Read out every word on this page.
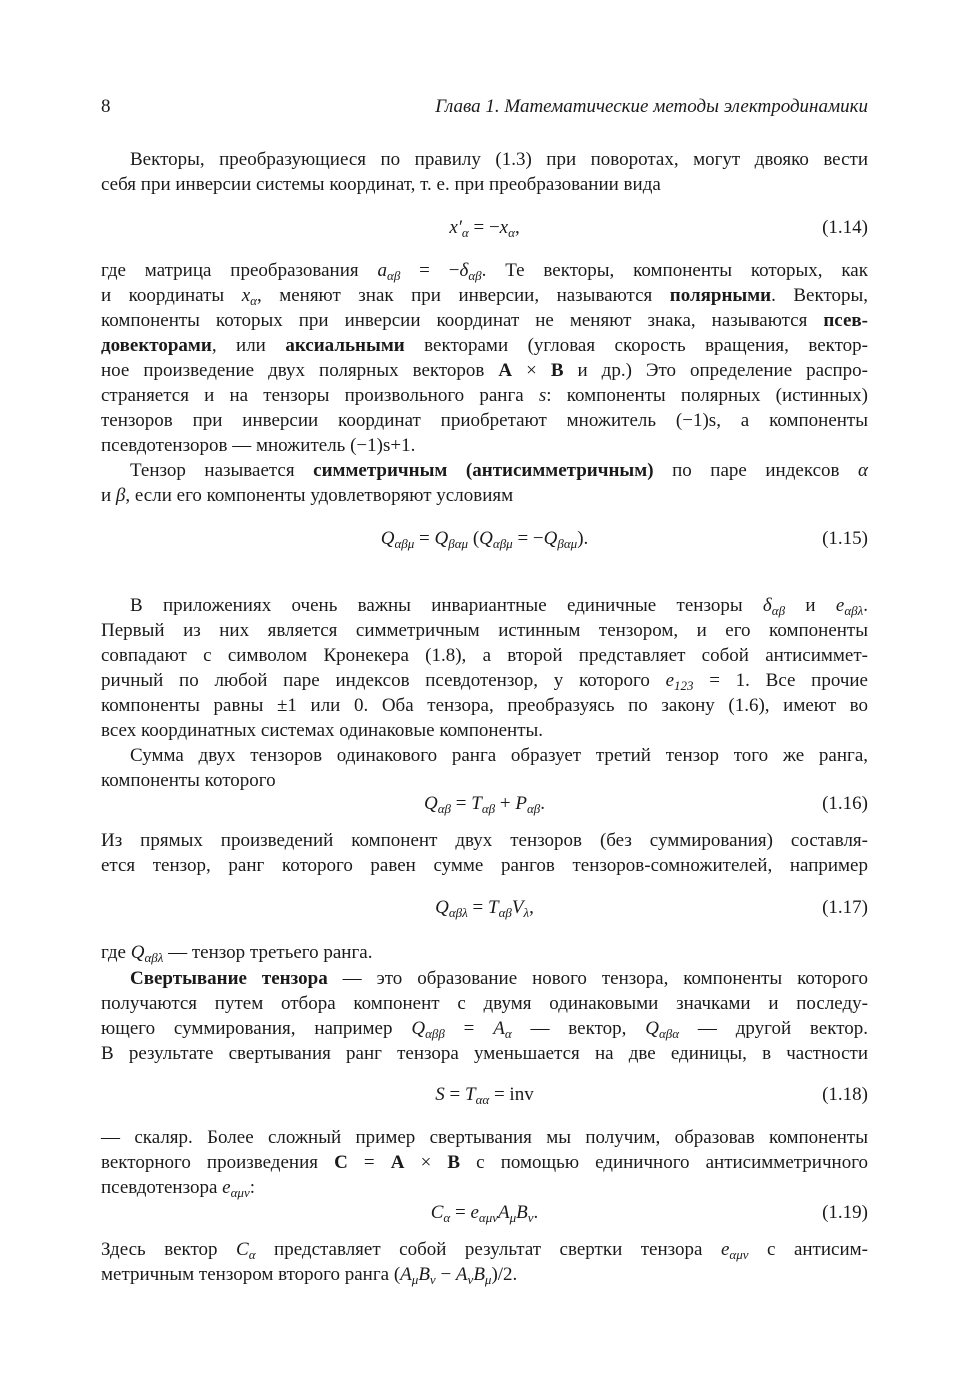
8	Глава 1. Математические методы электродинамики
Векторы, преобразующиеся по правилу (1.3) при поворотах, могут двояко вести
себя при инверсии системы координат, т. е. при преобразовании вида
$x'_\alpha = -x_\alpha$,	(1.14)
где матрица преобразования $a_{\alpha\beta} = -\delta_{\alpha\beta}$. Те векторы, компоненты которых, как
и координаты $x_\alpha$, меняют знак при инверсии, называются полярными. Векторы,
компоненты которых при инверсии координат не меняют знака, называются псев-
довекторами, или аксиальными векторами (угловая скорость вращения, вектор-
ное произведение двух полярных векторов A × B и др.) Это определение распро-
страняется и на тензоры произвольного ранга s: компоненты полярных (истинных)
тензоров при инверсии координат приобретают множитель (−1)s, а компоненты
псевдотензоров — множитель (−1)s+1.
Тензор называется симметричным (антисимметричным) по паре индексов α
и β, если его компоненты удовлетворяют условиям
$Q_{\alpha\beta\mu} = Q_{\beta\alpha\mu}$ $(Q_{\alpha\beta\mu} = -Q_{\beta\alpha\mu})$.	(1.15)
В приложениях очень важны инвариантные единичные тензоры $\delta_{\alpha\beta}$ и $e_{\alpha\beta\lambda}$.
Первый из них является симметричным истинным тензором, и его компоненты
совпадают с символом Кронекера (1.8), а второй представляет собой антисиммет-
ричный по любой паре индексов псевдотензор, у которого $e_{123} = 1$. Все прочие
компоненты равны ±1 или 0. Оба тензора, преобразуясь по закону (1.6), имеют во
всех координатных системах одинаковые компоненты.
Сумма двух тензоров одинакового ранга образует третий тензор того же ранга,
компоненты которого
$Q_{\alpha\beta} = T_{\alpha\beta} + P_{\alpha\beta}$.	(1.16)
Из прямых произведений компонент двух тензоров (без суммирования) составля-
ется тензор, ранг которого равен сумме рангов тензоров-сомножителей, например
$Q_{\alpha\beta\lambda} = T_{\alpha\beta}V_\lambda$,	(1.17)
где $Q_{\alpha\beta\lambda}$ — тензор третьего ранга.
Свертывание тензора — это образование нового тензора, компоненты которого
получаются путем отбора компонент с двумя одинаковыми значками и последу-
ющего суммирования, например $Q_{\alpha\beta\beta} = A_\alpha$ — вектор, $Q_{\alpha\beta\alpha}$ — другой вектор.
В результате свертывания ранг тензора уменьшается на две единицы, в частности
$S = T_{\alpha\alpha}$ = inv	(1.18)
— скаляр. Более сложный пример свертывания мы получим, образовав компоненты
векторного произведения C = A × B с помощью единичного антисимметричного
псевдотензора $e_{\alpha\mu\nu}$:
$C_\alpha = e_{\alpha\mu\nu}A_\mu B_\nu$.	(1.19)
Здесь вектор $C_\alpha$ представляет собой результат свертки тензора $e_{\alpha\mu\nu}$ с антисим-
метричным тензором второго ранга $(A_\mu B_\nu - A_\nu B_\mu)/2$.
